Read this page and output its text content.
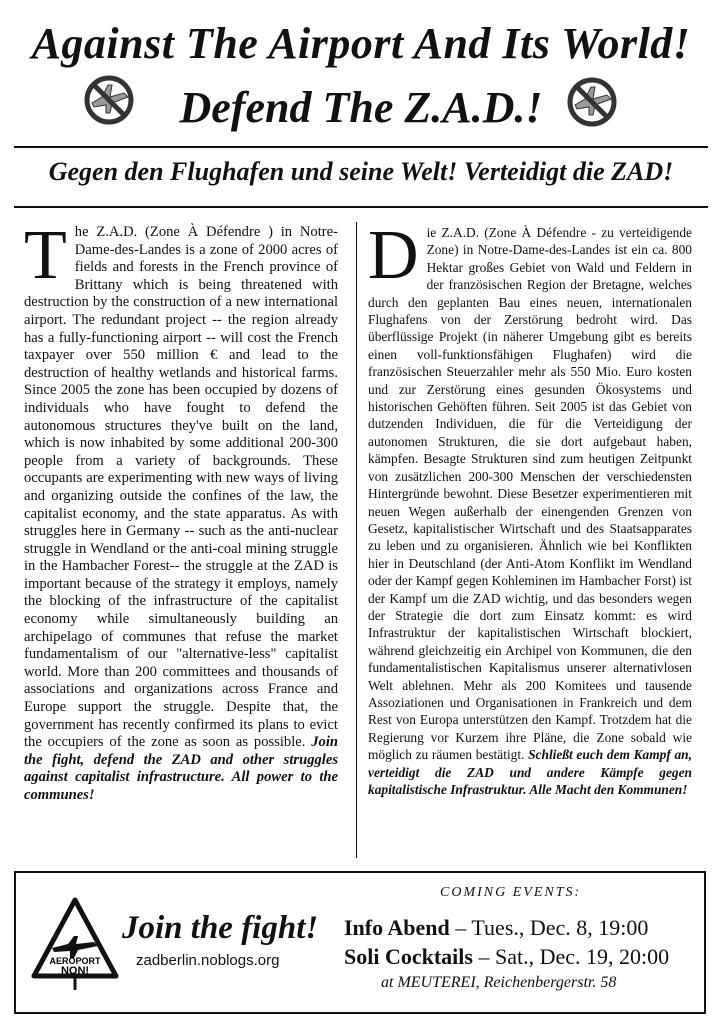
Against The Airport And Its World!
Defend The Z.A.D.!
Gegen den Flughafen und seine Welt! Verteidigt die ZAD!
The Z.A.D. (Zone À Défendre ) in Notre-Dame-des-Landes is a zone of 2000 acres of fields and forests in the French province of Brittany which is being threatened with destruction by the construction of a new international airport. The redundant project -- the region already has a fully-functioning airport -- will cost the French taxpayer over 550 million € and lead to the destruction of healthy wetlands and historical farms. Since 2005 the zone has been occupied by dozens of individuals who have fought to defend the autonomous structures they've built on the land, which is now inhabited by some additional 200-300 people from a variety of backgrounds. These occupants are experimenting with new ways of living and organizing outside the confines of the law, the capitalist economy, and the state apparatus. As with struggles here in Germany -- such as the anti-nuclear struggle in Wendland or the anti-coal mining struggle in the Hambacher Forest-- the struggle at the ZAD is important because of the strategy it employs, namely the blocking of the infrastructure of the capitalist economy while simultaneously building an archipelago of communes that refuse the market fundamentalism of our "alternative-less" capitalist world. More than 200 committees and thousands of associations and organizations across France and Europe support the struggle. Despite that, the government has recently confirmed its plans to evict the occupiers of the zone as soon as possible. Join the fight, defend the ZAD and other struggles against capitalist infrastructure. All power to the communes!
Die Z.A.D. (Zone À Défendre - zu verteidigende Zone) in Notre-Dame-des-Landes ist ein ca. 800 Hektar großes Gebiet von Wald und Feldern in der französischen Region der Bretagne, welches durch den geplanten Bau eines neuen, internationalen Flughafens von der Zerstörung bedroht wird. Das überflüssige Projekt (in näherer Umgebung gibt es bereits einen voll-funktionsfähigen Flughafen) wird die französischen Steuerzahler mehr als 550 Mio. Euro kosten und zur Zerstörung eines gesunden Ökosystems und historischen Gehöften führen. Seit 2005 ist das Gebiet von dutzenden Individuen, die für die Verteidigung der autonomen Strukturen, die sie dort aufgebaut haben, kämpfen. Besagte Strukturen sind zum heutigen Zeitpunkt von zusätzlichen 200-300 Menschen der verschiedensten Hintergründe bewohnt. Diese Besetzer experimentieren mit neuen Wegen außerhalb der einengenden Grenzen von Gesetz, kapitalistischer Wirtschaft und des Staatsapparates zu leben und zu organisieren. Ähnlich wie bei Konflikten hier in Deutschland (der Anti-Atom Konflikt im Wendland oder der Kampf gegen Kohleminen im Hambacher Forst) ist der Kampf um die ZAD wichtig, und das besonders wegen der Strategie die dort zum Einsatz kommt: es wird Infrastruktur der kapitalistischen Wirtschaft blockiert, während gleichzeitig ein Archipel von Kommunen, die den fundamentalistischen Kapitalismus unserer alternativlosen Welt ablehnen. Mehr als 200 Komitees und tausende Assoziationen und Organisationen in Frankreich und dem Rest von Europa unterstützen den Kampf. Trotzdem hat die Regierung vor Kurzem ihre Pläne, die Zone sobald wie möglich zu räumen bestätigt. Schließt euch dem Kampf an, verteidigt die ZAD und andere Kämpfe gegen kapitalistische Infrastruktur. Alle Macht den Kommunen!
AEROPORT
NON!
Join the fight!
zadberlin.noblogs.org
COMING EVENTS:
Info Abend – Tues., Dec. 8, 19:00
Soli Cocktails – Sat., Dec. 19, 20:00
at MEUTEREI, Reichenbergerstr. 58
